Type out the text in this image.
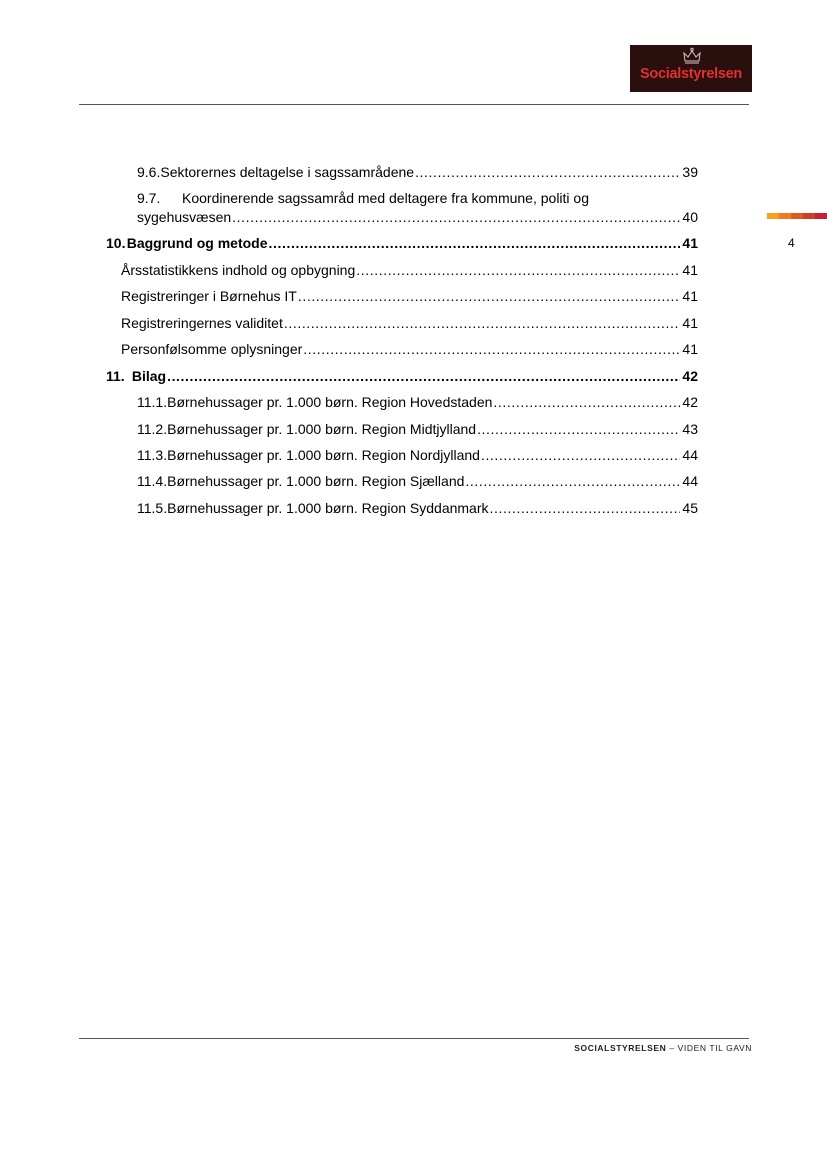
Socialstyrelsen
4
9.6. Sektorernes deltagelse i sagssamrådene .....	39
9.7. Koordinerende sagssamråd med deltagere fra kommune, politi og
sygehusvæsen .....	40
10. Baggrund og metode .....	41
Årsstatistikkens indhold og opbygning .....	41
Registreringer i Børnehus IT .....	41
Registreringernes validitet .....	41
Personfølsomme oplysninger .....	41
11. Bilag .....	42
11.1. Børnehussager pr. 1.000 børn. Region Hovedstaden .....	42
11.2. Børnehussager pr. 1.000 børn. Region Midtjylland .....	43
11.3. Børnehussager pr. 1.000 børn. Region Nordjylland .....	44
11.4. Børnehussager pr. 1.000 børn. Region Sjælland .....	44
11.5. Børnehussager pr. 1.000 børn. Region Syddanmark .....	45
SOCIALSTYRELSEN – VIDEN TIL GAVN
